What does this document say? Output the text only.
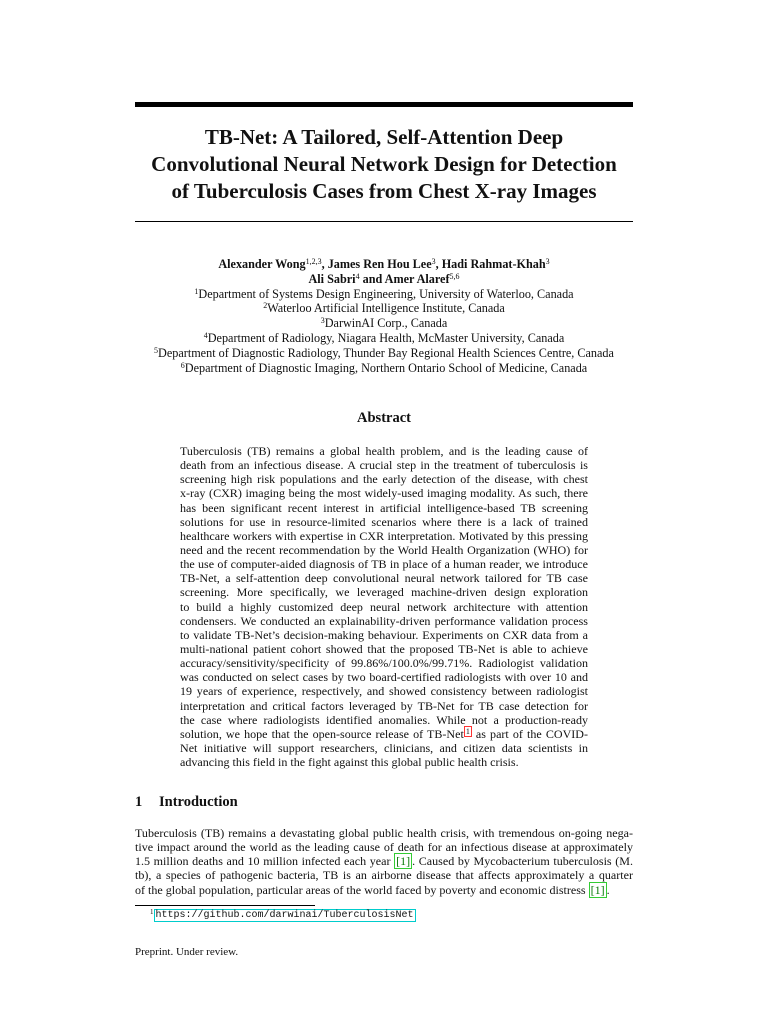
TB-Net: A Tailored, Self-Attention Deep
Convolutional Neural Network Design for Detection
of Tuberculosis Cases from Chest X-ray Images
Alexander Wong$^{1,2,3}$, James Ren Hou Lee$^3$, Hadi Rahmat-Khah$^3$
Ali Sabri$^4$ and Amer Alaref$^{5,6}$
$^1$Department of Systems Design Engineering, University of Waterloo, Canada
$^2$Waterloo Artificial Intelligence Institute, Canada
$^3$DarwinAI Corp., Canada
$^4$Department of Radiology, Niagara Health, McMaster University, Canada
$^5$Department of Diagnostic Radiology, Thunder Bay Regional Health Sciences Centre, Canada
$^6$Department of Diagnostic Imaging, Northern Ontario School of Medicine, Canada
Abstract
Tuberculosis (TB) remains a global health problem, and is the leading cause of
death from an infectious disease. A crucial step in the treatment of tuberculosis is
screening high risk populations and the early detection of the disease, with chest
x-ray (CXR) imaging being the most widely-used imaging modality. As such, there
has been significant recent interest in artificial intelligence-based TB screening
solutions for use in resource-limited scenarios where there is a lack of trained
healthcare workers with expertise in CXR interpretation. Motivated by this pressing
need and the recent recommendation by the World Health Organization (WHO) for
the use of computer-aided diagnosis of TB in place of a human reader, we introduce
TB-Net, a self-attention deep convolutional neural network tailored for TB case
screening. More specifically, we leveraged machine-driven design exploration
to build a highly customized deep neural network architecture with attention
condensers. We conducted an explainability-driven performance validation process
to validate TB-Net’s decision-making behaviour. Experiments on CXR data from a
multi-national patient cohort showed that the proposed TB-Net is able to achieve
accuracy/sensitivity/specificity of 99.86%/100.0%/99.71%. Radiologist validation
was conducted on select cases by two board-certified radiologists with over 10 and
19 years of experience, respectively, and showed consistency between radiologist
interpretation and critical factors leveraged by TB-Net for TB case detection for
the case where radiologists identified anomalies. While not a production-ready
solution, we hope that the open-source release of TB-Net $^1$ as part of the COVID-
Net initiative will support researchers, clinicians, and citizen data scientists in
advancing this field in the fight against this global public health crisis.
1 Introduction
Tuberculosis (TB) remains a devastating global public health crisis, with tremendous on-going nega-
tive impact around the world as the leading cause of death for an infectious disease at approximately
1.5 million deaths and 10 million infected each year [1] . Caused by Mycobacterium tuberculosis (M.
tb), a species of pathogenic bacteria, TB is an airborne disease that affects approximately a quarter
of the global population, particular areas of the world faced by poverty and economic distress [1] .
$^1$ https://github.com/darwinai/TuberculosisNet
Preprint. Under review.
